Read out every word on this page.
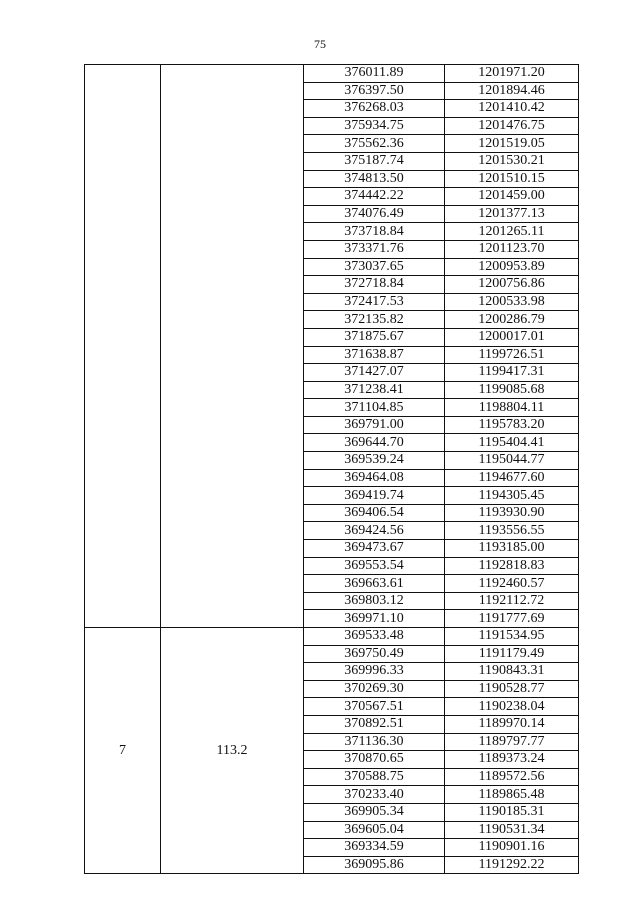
75
		376011.89	1201971.20
		376397.50	1201894.46
		376268.03	1201410.42
		375934.75	1201476.75
		375562.36	1201519.05
		375187.74	1201530.21
		374813.50	1201510.15
		374442.22	1201459.00
		374076.49	1201377.13
		373718.84	1201265.11
		373371.76	1201123.70
		373037.65	1200953.89
		372718.84	1200756.86
		372417.53	1200533.98
		372135.82	1200286.79
		371875.67	1200017.01
		371638.87	1199726.51
		371427.07	1199417.31
		371238.41	1199085.68
		371104.85	1198804.11
		369791.00	1195783.20
		369644.70	1195404.41
		369539.24	1195044.77
		369464.08	1194677.60
		369419.74	1194305.45
		369406.54	1193930.90
		369424.56	1193556.55
		369473.67	1193185.00
		369553.54	1192818.83
		369663.61	1192460.57
		369803.12	1192112.72
		369971.10	1191777.69
7	113.2	369533.48	1191534.95
		369750.49	1191179.49
		369996.33	1190843.31
		370269.30	1190528.77
		370567.51	1190238.04
		370892.51	1189970.14
		371136.30	1189797.77
		370870.65	1189373.24
		370588.75	1189572.56
		370233.40	1189865.48
		369905.34	1190185.31
		369605.04	1190531.34
		369334.59	1190901.16
		369095.86	1191292.22
